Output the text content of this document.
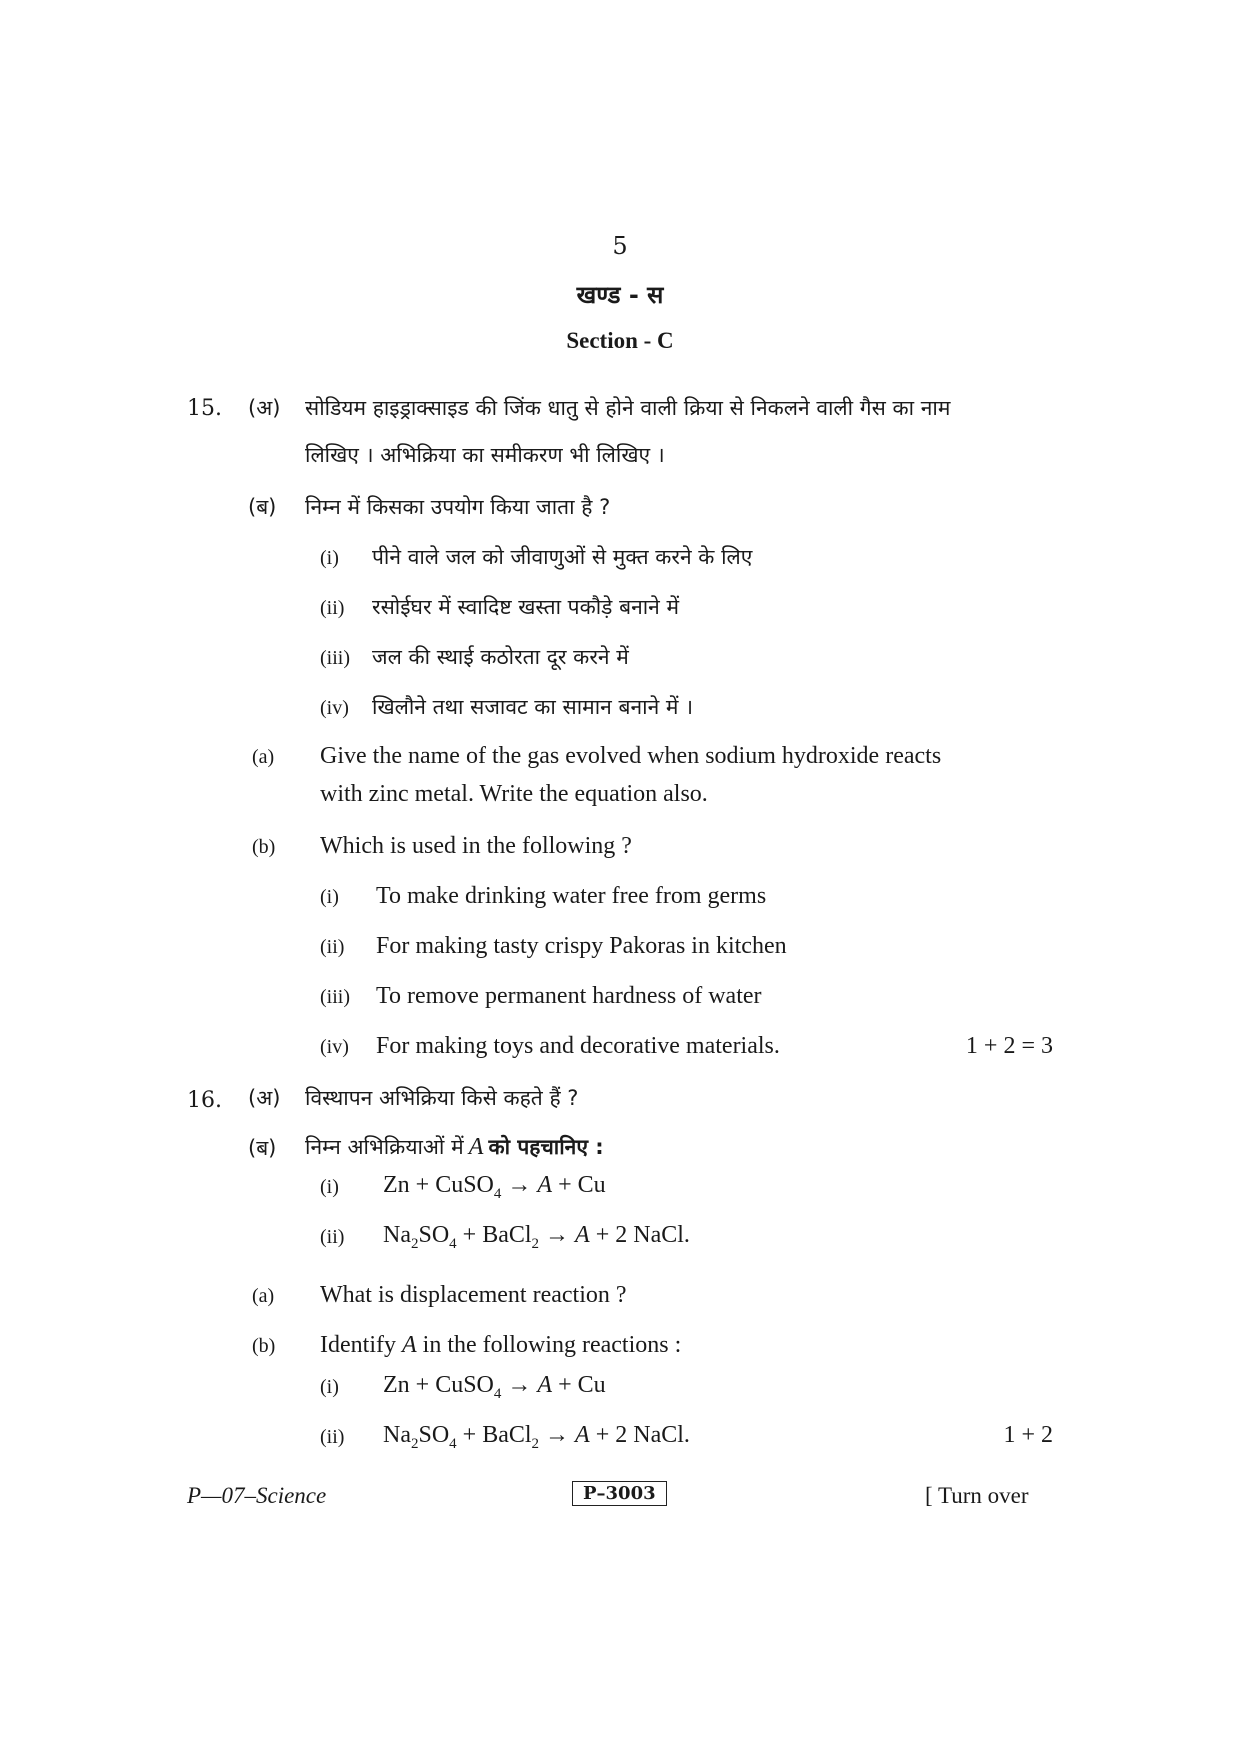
5
खण्ड - स
Section - C
15. (अ) सोडियम हाइड्राक्साइड की जिंक धातु से होने वाली क्रिया से निकलने वाली गैस का नाम
लिखिए । अभिक्रिया का समीकरण भी लिखिए ।
(ब) निम्न में किसका उपयोग किया जाता है ?
(i) पीने वाले जल को जीवाणुओं से मुक्त करने के लिए
(ii) रसोईघर में स्वादिष्ट खस्ता पकौड़े बनाने में
(iii) जल की स्थाई कठोरता दूर करने में
(iv) खिलौने तथा सजावट का सामान बनाने में ।
(a) Give the name of the gas evolved when sodium hydroxide reacts
with zinc metal. Write the equation also.
(b) Which is used in the following ?
(i) To make drinking water free from germs
(ii) For making tasty crispy Pakoras in kitchen
(iii) To remove permanent hardness of water
(iv) For making toys and decorative materials.	1 + 2 = 3
16. (अ) विस्थापन अभिक्रिया किसे कहते हैं ?
(ब) निम्न अभिक्रियाओं में A को पहचानिए :
(i) Zn + CuSO$_4$ → A + Cu
(ii) $Na_2SO_4$ + BaCl$_2$ → A + 2 NaCl.
(a) What is displacement reaction ?
(b) Identify A in the following reactions :
(i) Zn + CuSO$_4$ → A + Cu
(ii) $Na_2SO_4$ + BaCl$_2$ → A + 2 NaCl.	1 + 2
P—07–Science	P–3003	[ Turn over
